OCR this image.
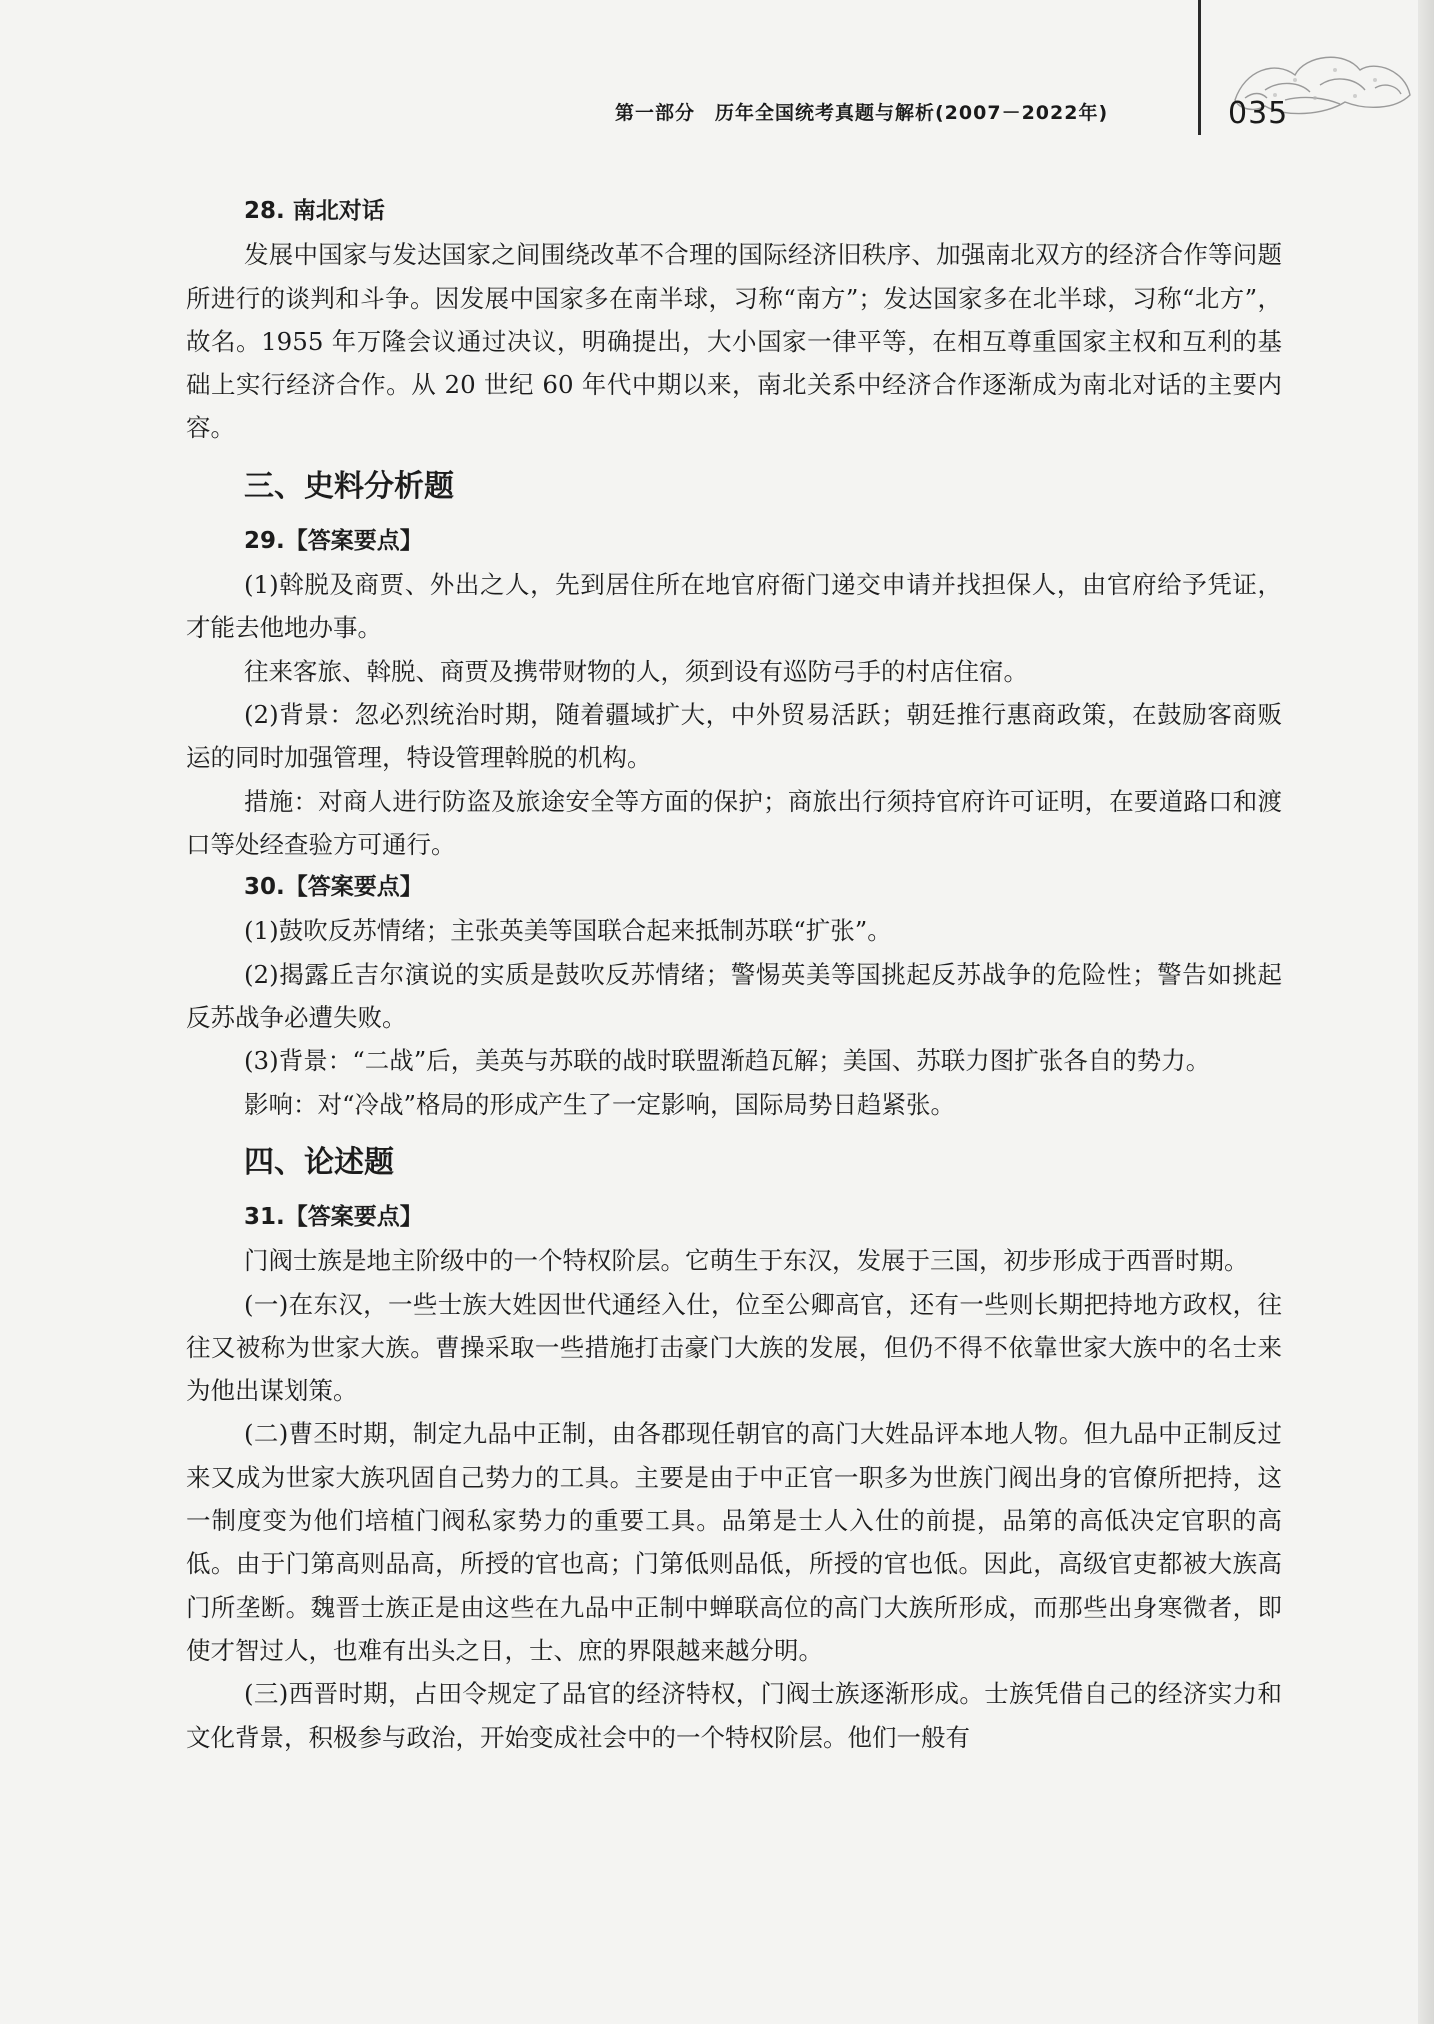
第一部分　历年全国统考真题与解析(2007－2022年)	035

28. 南北对话

发展中国家与发达国家之间围绕改革不合理的国际经济旧秩序、加强南北双方的经济合作等问题所进行的谈判和斗争。因发展中国家多在南半球，习称“南方”；发达国家多在北半球，习称“北方”，故名。1955 年万隆会议通过决议，明确提出，大小国家一律平等，在相互尊重国家主权和互利的基础上实行经济合作。从 20 世纪 60 年代中期以来，南北关系中经济合作逐渐成为南北对话的主要内容。

三、史料分析题

29.【答案要点】

(1)斡脱及商贾、外出之人，先到居住所在地官府衙门递交申请并找担保人，由官府给予凭证，才能去他地办事。

往来客旅、斡脱、商贾及携带财物的人，须到设有巡防弓手的村店住宿。

(2)背景：忽必烈统治时期，随着疆域扩大，中外贸易活跃；朝廷推行惠商政策，在鼓励客商贩运的同时加强管理，特设管理斡脱的机构。

措施：对商人进行防盗及旅途安全等方面的保护；商旅出行须持官府许可证明，在要道路口和渡口等处经查验方可通行。

30.【答案要点】

(1)鼓吹反苏情绪；主张英美等国联合起来抵制苏联“扩张”。

(2)揭露丘吉尔演说的实质是鼓吹反苏情绪；警惕英美等国挑起反苏战争的危险性；警告如挑起反苏战争必遭失败。

(3)背景：“二战”后，美英与苏联的战时联盟渐趋瓦解；美国、苏联力图扩张各自的势力。

影响：对“冷战”格局的形成产生了一定影响，国际局势日趋紧张。

四、论述题

31.【答案要点】

门阀士族是地主阶级中的一个特权阶层。它萌生于东汉，发展于三国，初步形成于西晋时期。

(一)在东汉，一些士族大姓因世代通经入仕，位至公卿高官，还有一些则长期把持地方政权，往往又被称为世家大族。曹操采取一些措施打击豪门大族的发展，但仍不得不依靠世家大族中的名士来为他出谋划策。

(二)曹丕时期，制定九品中正制，由各郡现任朝官的高门大姓品评本地人物。但九品中正制反过来又成为世家大族巩固自己势力的工具。主要是由于中正官一职多为世族门阀出身的官僚所把持，这一制度变为他们培植门阀私家势力的重要工具。品第是士人入仕的前提，品第的高低决定官职的高低。由于门第高则品高，所授的官也高；门第低则品低，所授的官也低。因此，高级官吏都被大族高门所垄断。魏晋士族正是由这些在九品中正制中蝉联高位的高门大族所形成，而那些出身寒微者，即使才智过人，也难有出头之日，士、庶的界限越来越分明。

(三)西晋时期，占田令规定了品官的经济特权，门阀士族逐渐形成。士族凭借自己的经济实力和文化背景，积极参与政治，开始变成社会中的一个特权阶层。他们一般有
